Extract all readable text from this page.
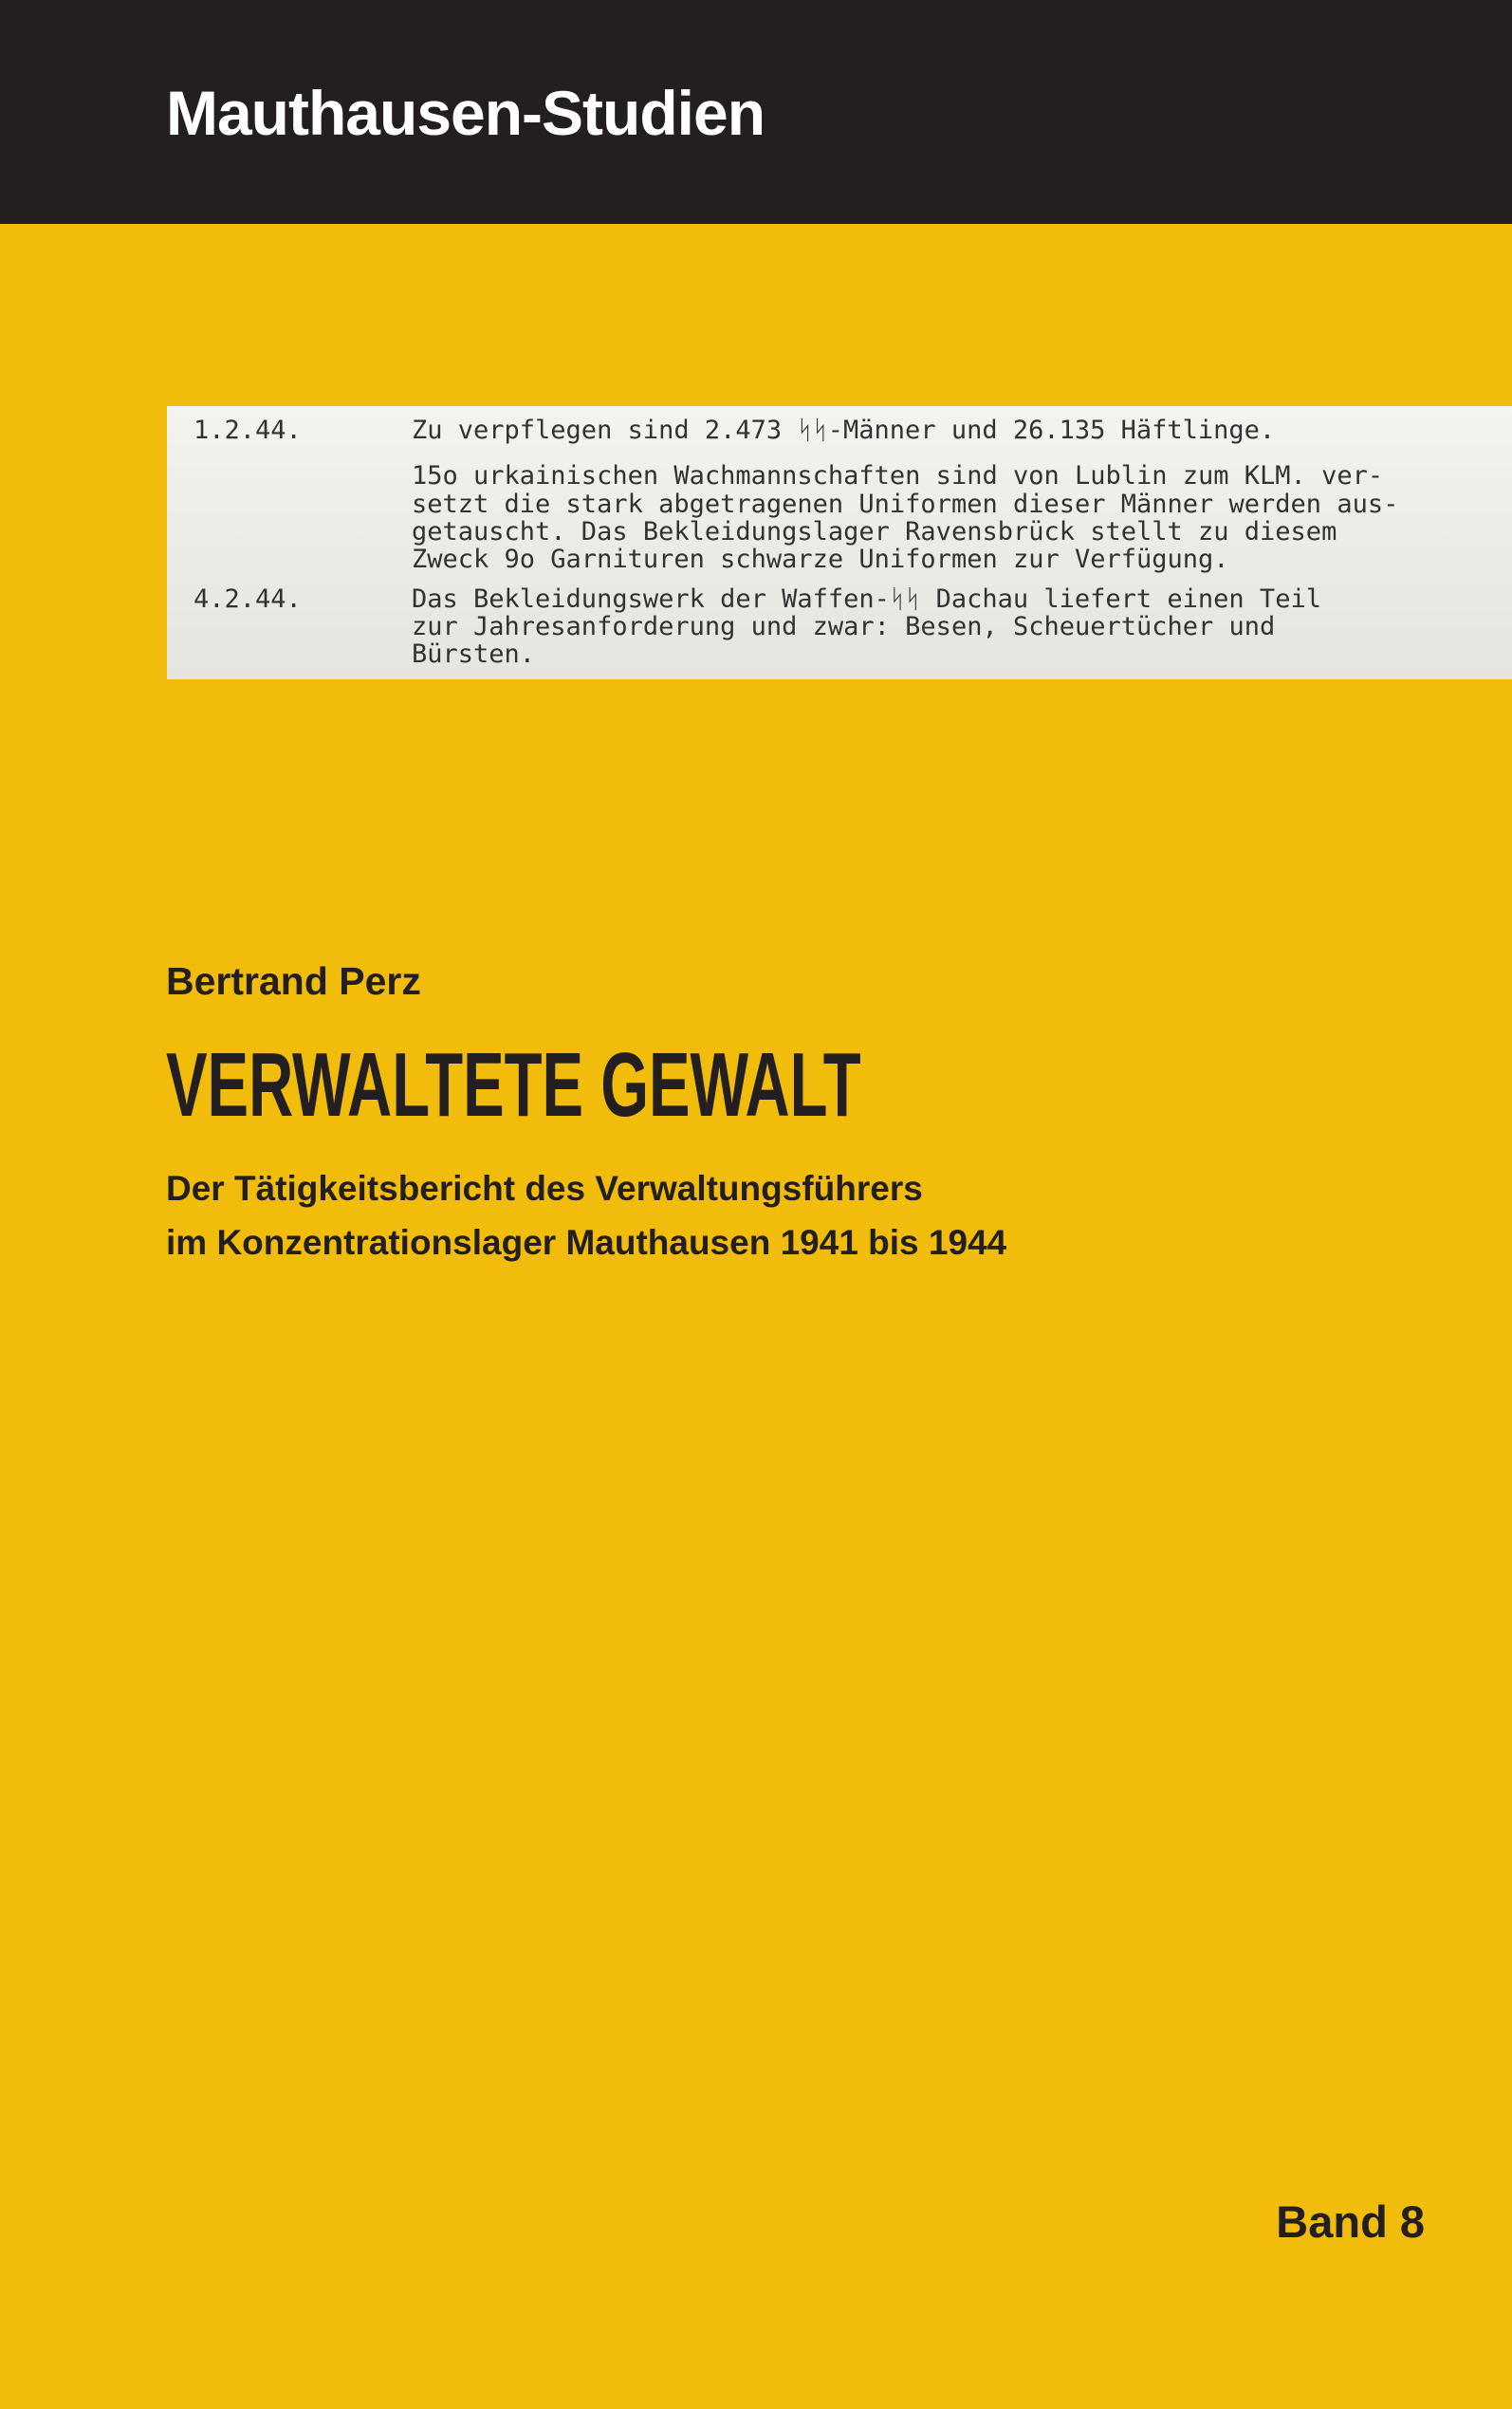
Mauthausen-Studien
1.2.44.	Zu verpflegen sind 2.473 ᛋᛋ-Männer und 26.135 Häftlinge.
15o urkainischen Wachmannschaften sind von Lublin zum KLM. ver-
setzt die stark abgetragenen Uniformen dieser Männer werden aus-
getauscht. Das Bekleidungslager Ravensbrück stellt zu diesem
Zweck 9o Garnituren schwarze Uniformen zur Verfügung.
4.2.44.	Das Bekleidungswerk der Waffen-ᛋᛋ Dachau liefert einen Teil
zur Jahresanforderung und zwar: Besen, Scheuertücher und
Bürsten.
Bertrand Perz
VERWALTETE GEWALT

Der Tätigkeitsbericht des Verwaltungsführers

im Konzentrationslager Mauthausen 1941 bis 1944

Band 8
